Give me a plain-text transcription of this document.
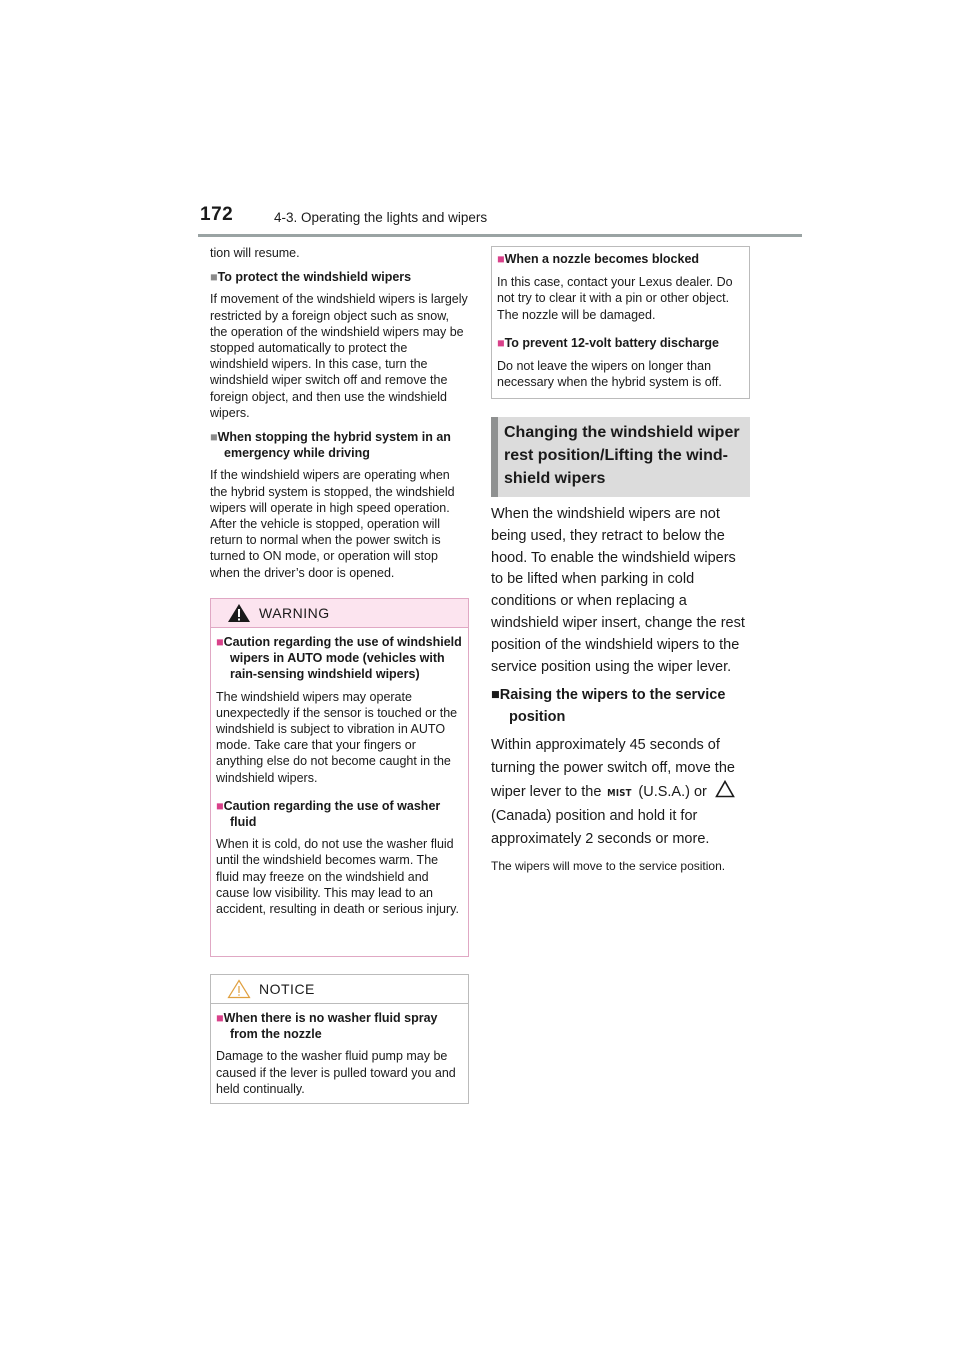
172	4-3. Operating the lights and wipers

tion will resume.

■To protect the windshield wipers

If movement of the windshield wipers is largely restricted by a foreign object such as snow, the operation of the windshield wipers may be stopped automatically to protect the windshield wipers. In this case, turn the windshield wiper switch off and remove the foreign object, and then use the windshield wipers.

■When stopping the hybrid system in an emergency while driving

If the windshield wipers are operating when the hybrid system is stopped, the windshield wipers will operate in high speed operation. After the vehicle is stopped, operation will return to normal when the power switch is turned to ON mode, or operation will stop when the driver’s door is opened.

WARNING

■Caution regarding the use of windshield wipers in AUTO mode (vehicles with rain-sensing windshield wipers)

The windshield wipers may operate unexpectedly if the sensor is touched or the windshield is subject to vibration in AUTO mode. Take care that your fingers or anything else do not become caught in the windshield wipers.

■Caution regarding the use of washer fluid

When it is cold, do not use the washer fluid until the windshield becomes warm. The fluid may freeze on the windshield and cause low visibility. This may lead to an accident, resulting in death or serious injury.

NOTICE

■When there is no washer fluid spray from the nozzle

Damage to the washer fluid pump may be caused if the lever is pulled toward you and held continually.

■When a nozzle becomes blocked

In this case, contact your Lexus dealer. Do not try to clear it with a pin or other object. The nozzle will be damaged.

■To prevent 12-volt battery discharge

Do not leave the wipers on longer than necessary when the hybrid system is off.

Changing the windshield wiper
rest position/Lifting the wind-
shield wipers

When the windshield wipers are not being used, they retract to below the hood. To enable the windshield wipers to be lifted when parking in cold conditions or when replacing a windshield wiper insert, change the rest position of the windshield wipers to the service position using the wiper lever.

■Raising the wipers to the service position

Within approximately 45 seconds of turning the power switch off, move the wiper lever to the MIST (U.S.A.) or  (Canada) position and hold it for approximately 2 seconds or more.

The wipers will move to the service position.
